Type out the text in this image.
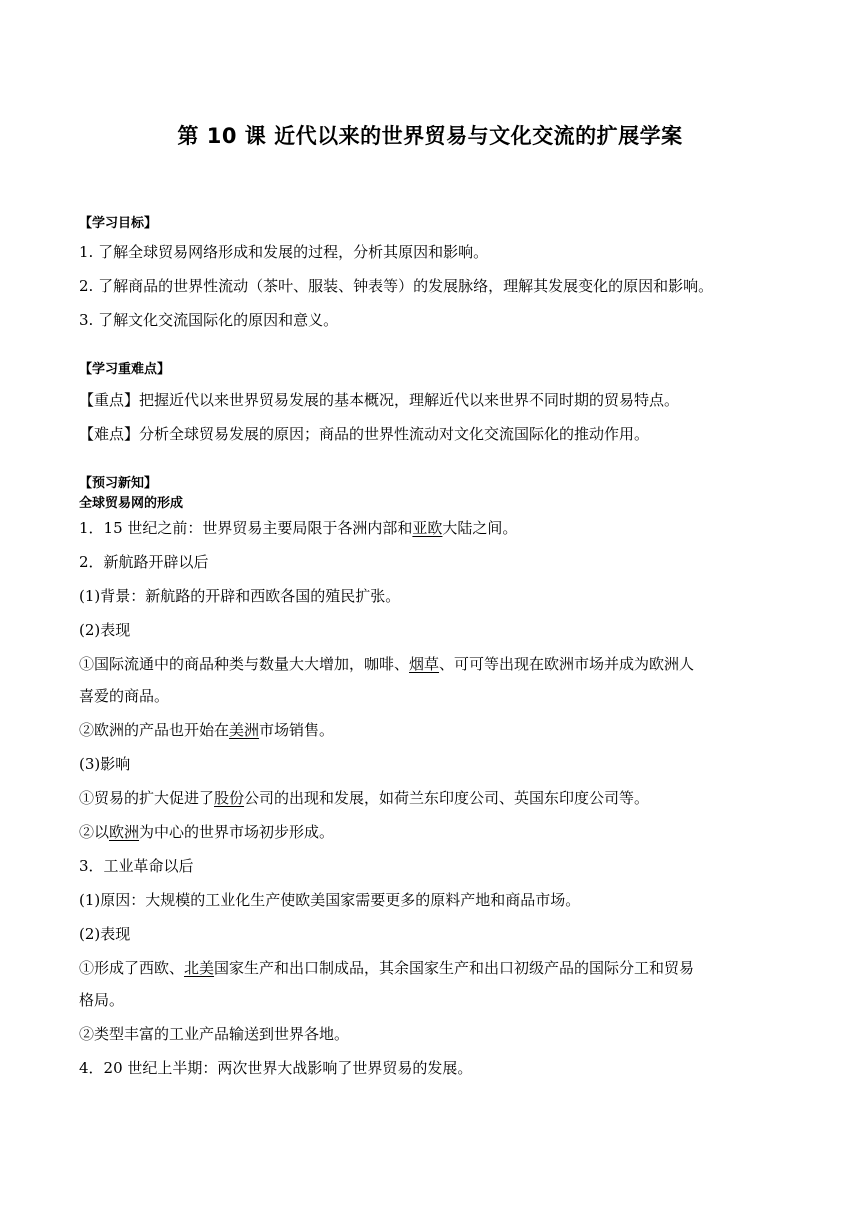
第 10 课 近代以来的世界贸易与文化交流的扩展学案
【学习目标】
1. 了解全球贸易网络形成和发展的过程，分析其原因和影响。
2. 了解商品的世界性流动（茶叶、服装、钟表等）的发展脉络，理解其发展变化的原因和影响。
3. 了解文化交流国际化的原因和意义。
【学习重难点】
【重点】把握近代以来世界贸易发展的基本概况，理解近代以来世界不同时期的贸易特点。
【难点】分析全球贸易发展的原因；商品的世界性流动对文化交流国际化的推动作用。
【预习新知】
全球贸易网的形成
1．15 世纪之前：世界贸易主要局限于各洲内部和亚欧大陆之间。
2．新航路开辟以后
(1)背景：新航路的开辟和西欧各国的殖民扩张。
(2)表现
①国际流通中的商品种类与数量大大增加，咖啡、烟草、可可等出现在欧洲市场并成为欧洲人
喜爱的商品。
②欧洲的产品也开始在美洲市场销售。
(3)影响
①贸易的扩大促进了股份公司的出现和发展，如荷兰东印度公司、英国东印度公司等。
②以欧洲为中心的世界市场初步形成。
3．工业革命以后
(1)原因：大规模的工业化生产使欧美国家需要更多的原料产地和商品市场。
(2)表现
①形成了西欧、北美国家生产和出口制成品，其余国家生产和出口初级产品的国际分工和贸易
格局。
②类型丰富的工业产品输送到世界各地。
4．20 世纪上半期：两次世界大战影响了世界贸易的发展。
